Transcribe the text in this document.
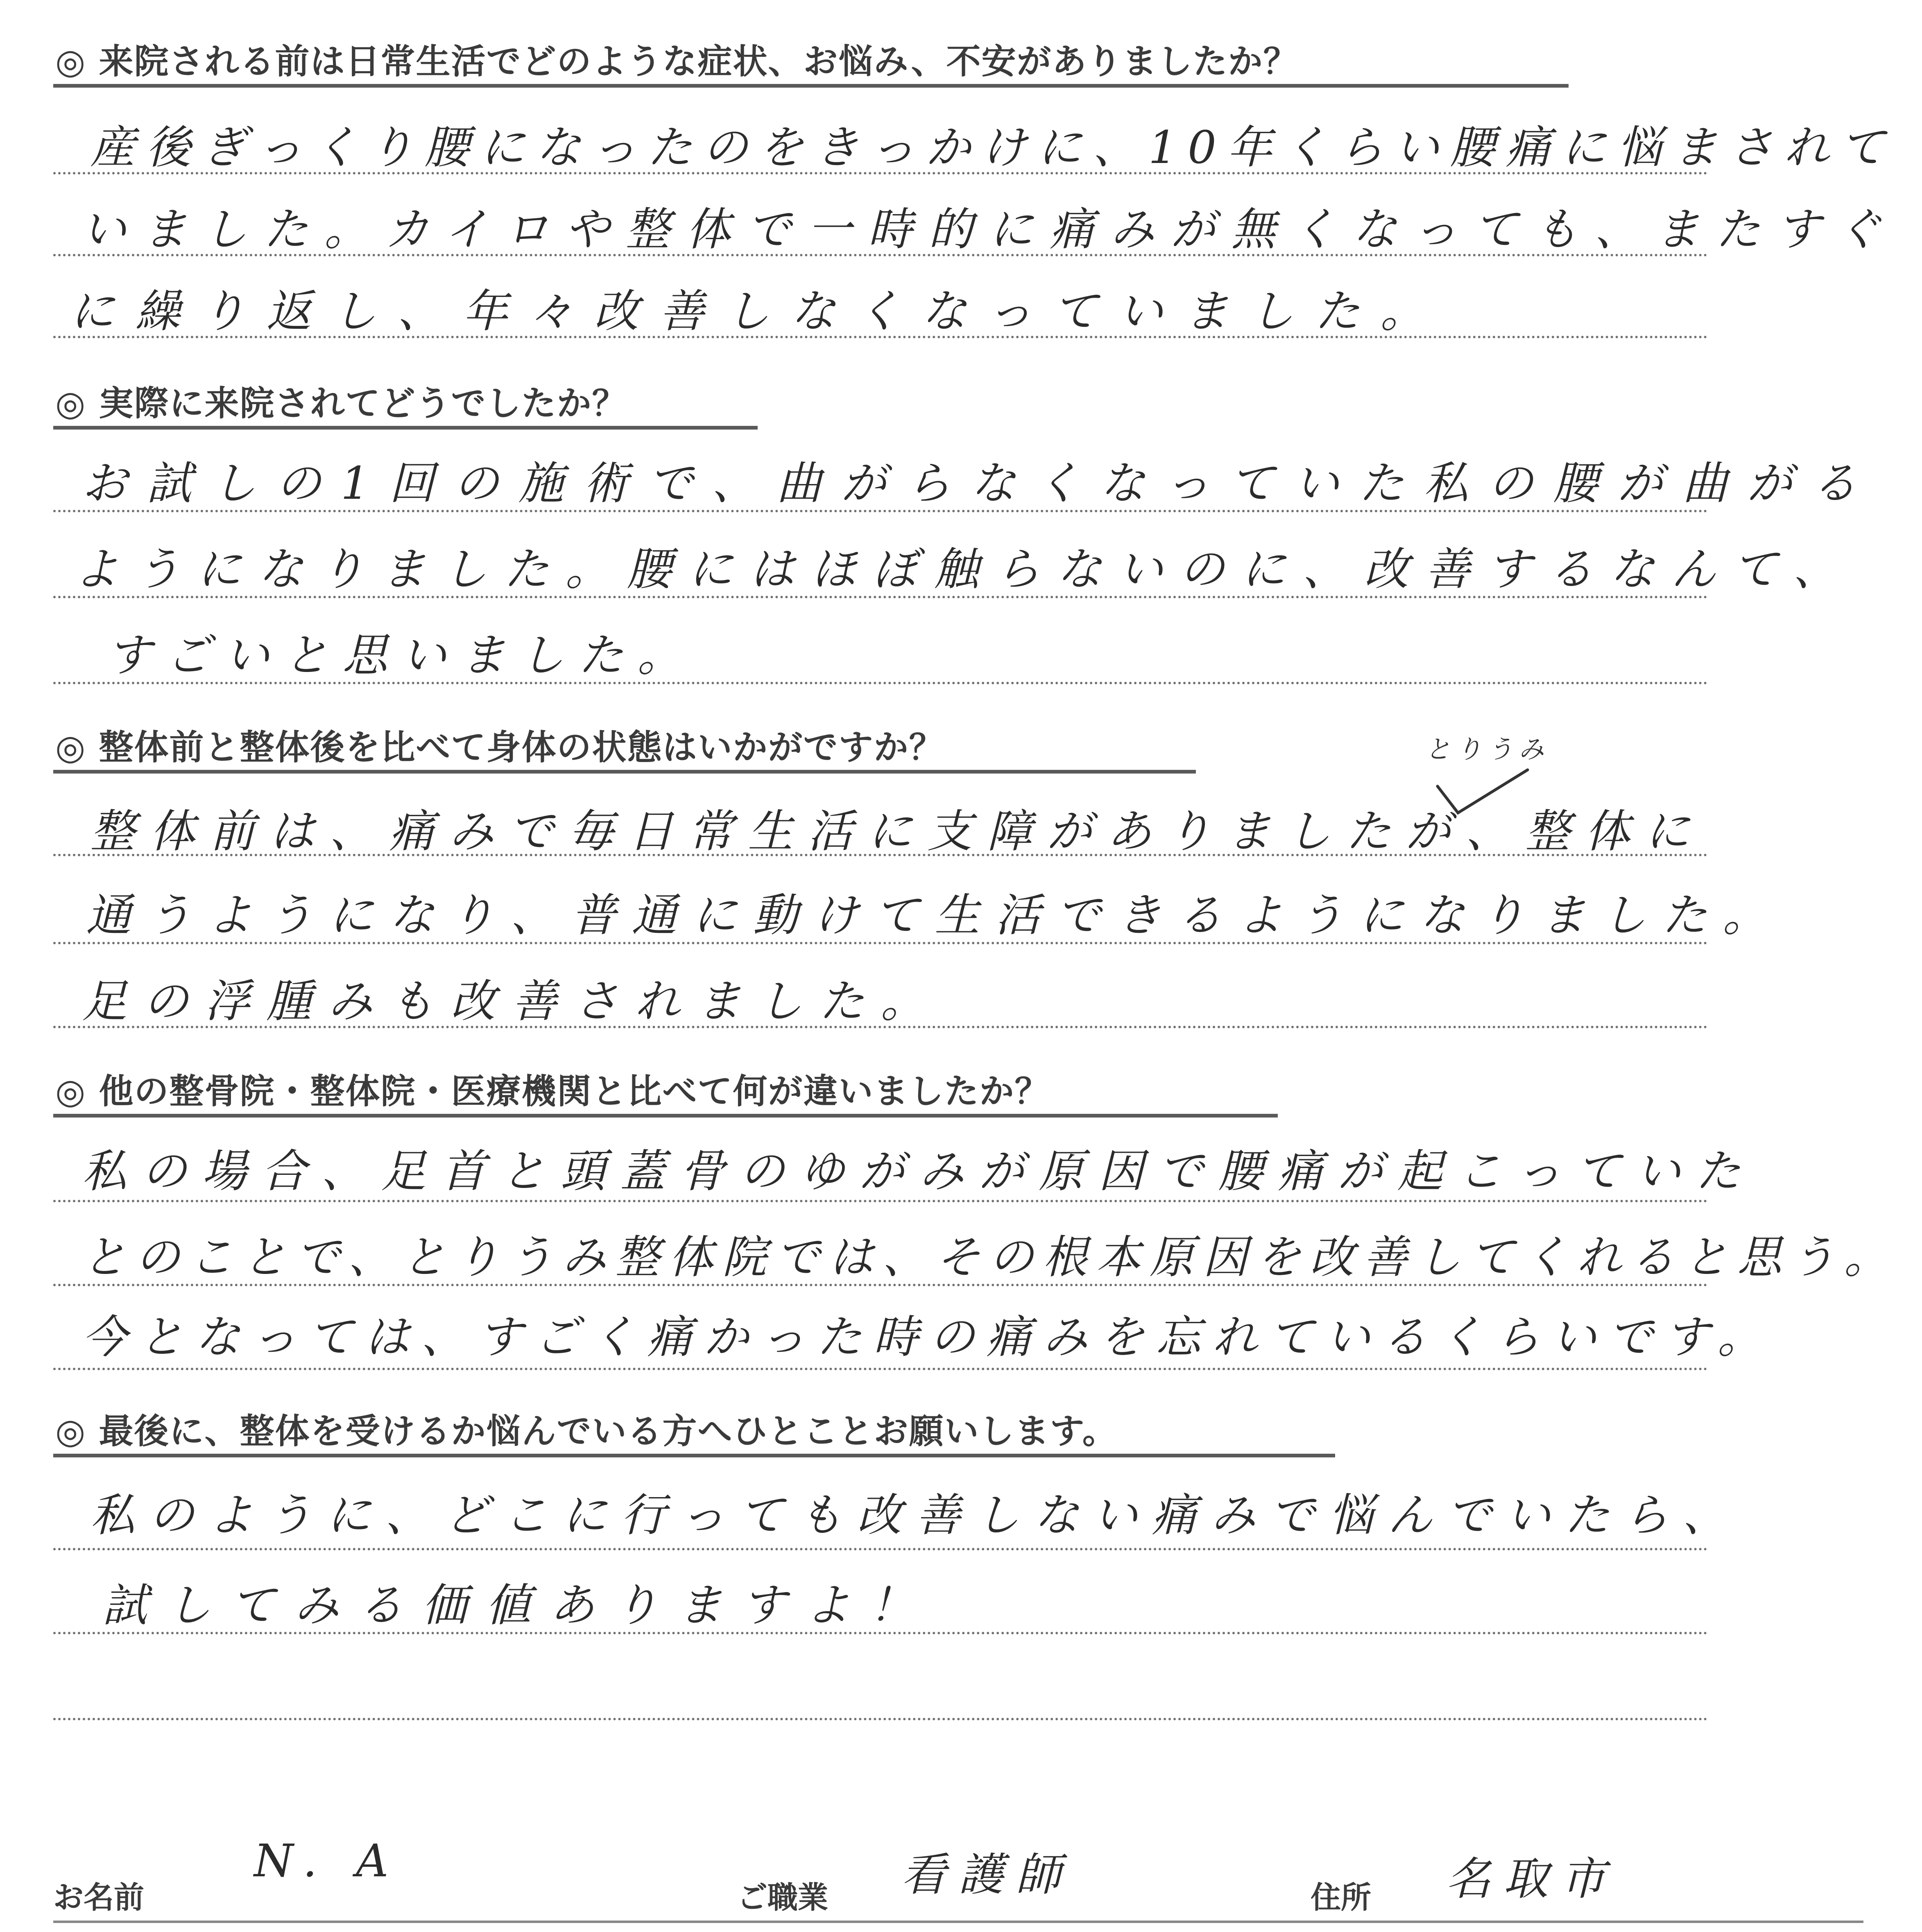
◎ 来院される前は日常生活でどのような症状、お悩み、不安がありましたか？
産後ぎっくり腰になったのをきっかけに、10年くらい腰痛に悩まされて
いました。カイロや整体で一時的に痛みが無くなっても、またすぐ
に繰り返し、年々改善しなくなっていました。
◎ 実際に来院されてどうでしたか？
お試しの1回の施術で、曲がらなくなっていた私の腰が曲がる
ようになりました。腰にはほぼ触らないのに、改善するなんて、
すごいと思いました。
◎ 整体前と整体後を比べて身体の状態はいかがですか？	とりうみ
整体前は、痛みで毎日常生活に支障がありましたが、整体に
通うようになり、普通に動けて生活できるようになりました。
足の浮腫みも改善されました。
◎ 他の整骨院・整体院・医療機関と比べて何が違いましたか？
私の場合、足首と頭蓋骨のゆがみが原因で腰痛が起こっていた
とのことで、とりうみ整体院では、その根本原因を改善してくれると思う。
今となっては、すごく痛かった時の痛みを忘れているくらいです。
◎ 最後に、整体を受けるか悩んでいる方へひとことお願いします。
私のように、どこに行っても改善しない痛みで悩んでいたら、
試してみる価値ありますよ！
お名前
N. A
ご職業 看護師	住所 名取市
